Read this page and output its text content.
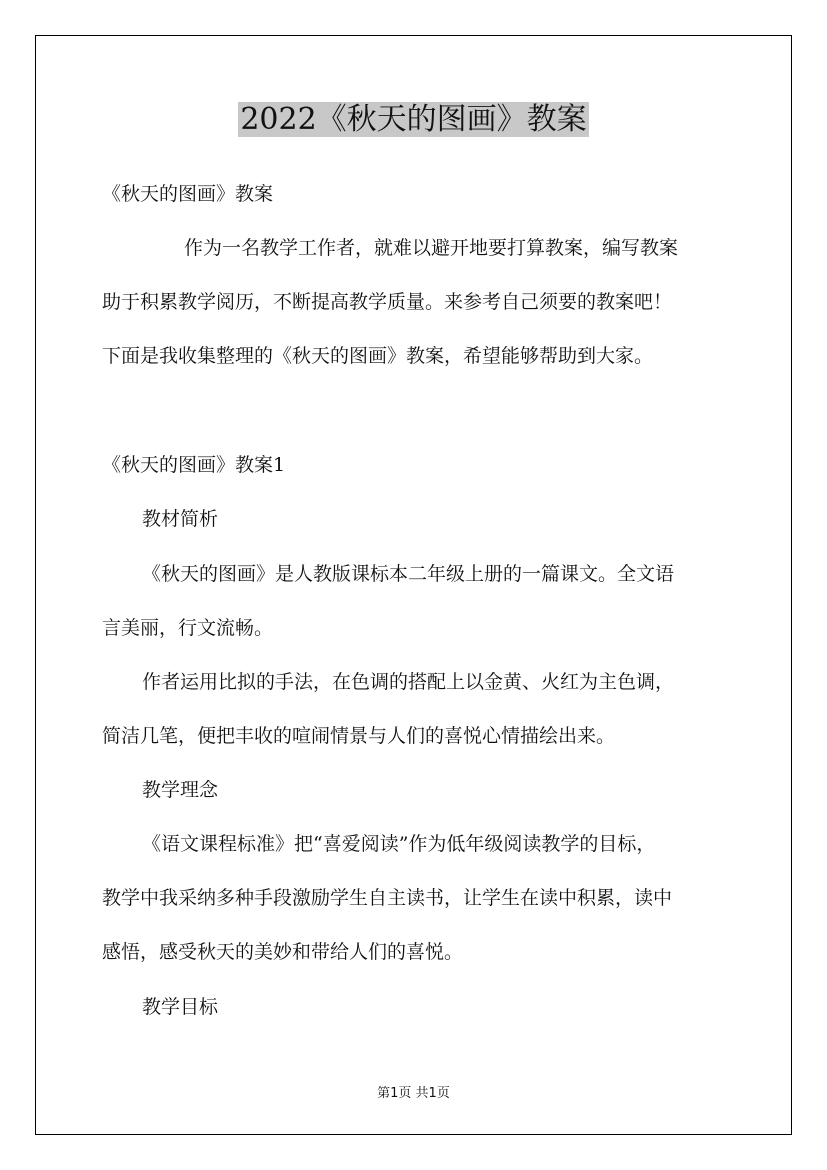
2022《秋天的图画》教案
《秋天的图画》教案
作为一名教学工作者，就难以避开地要打算教案，编写教案
助于积累教学阅历，不断提高教学质量。来参考自己须要的教案吧！
下面是我收集整理的《秋天的图画》教案，希望能够帮助到大家。
《秋天的图画》教案1
教材简析
《秋天的图画》是人教版课标本二年级上册的一篇课文。全文语
言美丽，行文流畅。
作者运用比拟的手法，在色调的搭配上以金黄、火红为主色调，
简洁几笔，便把丰收的喧闹情景与人们的喜悦心情描绘出来。
教学理念
《语文课程标准》把“喜爱阅读”作为低年级阅读教学的目标，
教学中我采纳多种手段激励学生自主读书，让学生在读中积累，读中
感悟，感受秋天的美妙和带给人们的喜悦。
教学目标
第1页 共1页
